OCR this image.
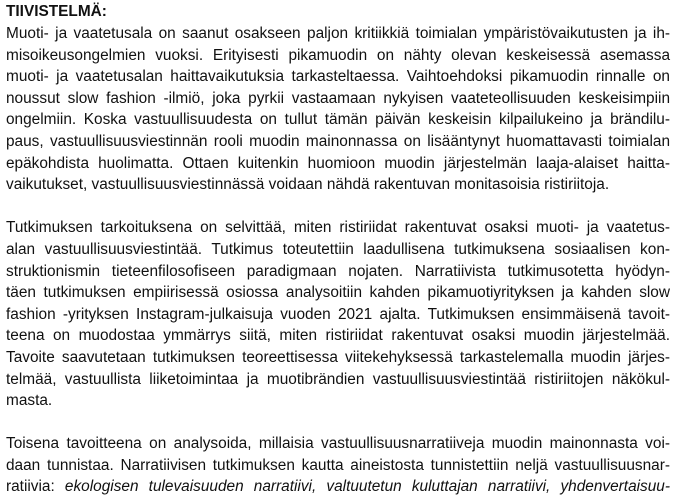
TIIVISTELMÄ:
Muoti- ja vaatetusala on saanut osakseen paljon kritiikkiä toimialan ympäristövaikutusten ja ih-
misoikeusongelmien vuoksi. Erityisesti pikamuodin on nähty olevan keskeisessä asemassa
muoti- ja vaatetusalan haittavaikutuksia tarkasteltaessa. Vaihtoehdoksi pikamuodin rinnalle on
noussut slow fashion -ilmiö, joka pyrkii vastaamaan nykyisen vaateteollisuuden keskeisimpiin
ongelmiin. Koska vastuullisuudesta on tullut tämän päivän keskeisin kilpailukeino ja brändilu-
paus, vastuullisuusviestinnän rooli muodin mainonnassa on lisääntynyt huomattavasti toimialan
epäkohdista huolimatta. Ottaen kuitenkin huomioon muodin järjestelmän laaja-alaiset haitta-
vaikutukset, vastuullisuusviestinnässä voidaan nähdä rakentuvan monitasoisia ristiriitoja.
Tutkimuksen tarkoituksena on selvittää, miten ristiriidat rakentuvat osaksi muoti- ja vaatetus-
alan vastuullisuusviestintää. Tutkimus toteutettiin laadullisena tutkimuksena sosiaalisen kon-
struktionismin tieteenfilosofiseen paradigmaan nojaten. Narratiivista tutkimusotetta hyödyn-
täen tutkimuksen empiirisessä osiossa analysoitiin kahden pikamuotiyrityksen ja kahden slow
fashion -yrityksen Instagram-julkaisuja vuoden 2021 ajalta. Tutkimuksen ensimmäisenä tavoit-
teena on muodostaa ymmärrys siitä, miten ristiriidat rakentuvat osaksi muodin järjestelmää.
Tavoite saavutetaan tutkimuksen teoreettisessa viitekehyksessä tarkastelemalla muodin järjes-
telmää, vastuullista liiketoimintaa ja muotibrändien vastuullisuusviestintää ristiriitojen näkökul-
masta.
Toisena tavoitteena on analysoida, millaisia vastuullisuusnarratiiveja muodin mainonnasta voi-
daan tunnistaa. Narratiivisen tutkimuksen kautta aineistosta tunnistettiin neljä vastuullisuusnar-
ratiivia: ekologisen tulevaisuuden narratiivi, valtuutetun kuluttajan narratiivi, yhdenvertaisuu-
